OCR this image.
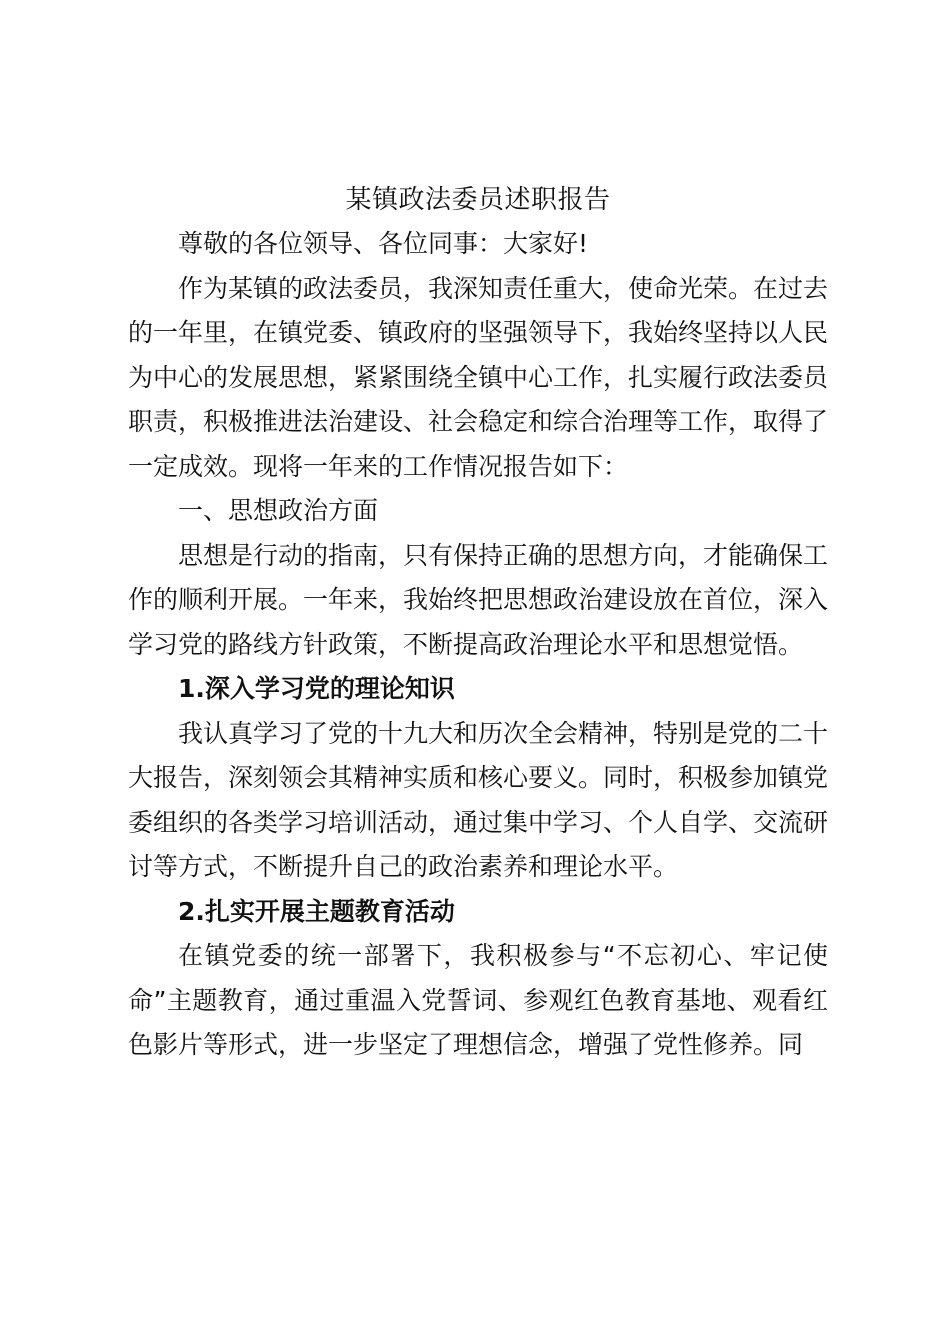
某镇政法委员述职报告

尊敬的各位领导、各位同事：大家好!

作为某镇的政法委员，我深知责任重大，使命光荣。在过去的一年里，在镇党委、镇政府的坚强领导下，我始终坚持以人民为中心的发展思想，紧紧围绕全镇中心工作，扎实履行政法委员职责，积极推进法治建设、社会稳定和综合治理等工作，取得了一定成效。现将一年来的工作情况报告如下：

一、思想政治方面

思想是行动的指南，只有保持正确的思想方向，才能确保工作的顺利开展。一年来，我始终把思想政治建设放在首位，深入学习党的路线方针政策，不断提高政治理论水平和思想觉悟。

1.深入学习党的理论知识

我认真学习了党的十九大和历次全会精神，特别是党的二十大报告，深刻领会其精神实质和核心要义。同时，积极参加镇党委组织的各类学习培训活动，通过集中学习、个人自学、交流研讨等方式，不断提升自己的政治素养和理论水平。

2.扎实开展主题教育活动

在镇党委的统一部署下，我积极参与“不忘初心、牢记使命”主题教育，通过重温入党誓词、参观红色教育基地、观看红色影片等形式，进一步坚定了理想信念，增强了党性修养。同
